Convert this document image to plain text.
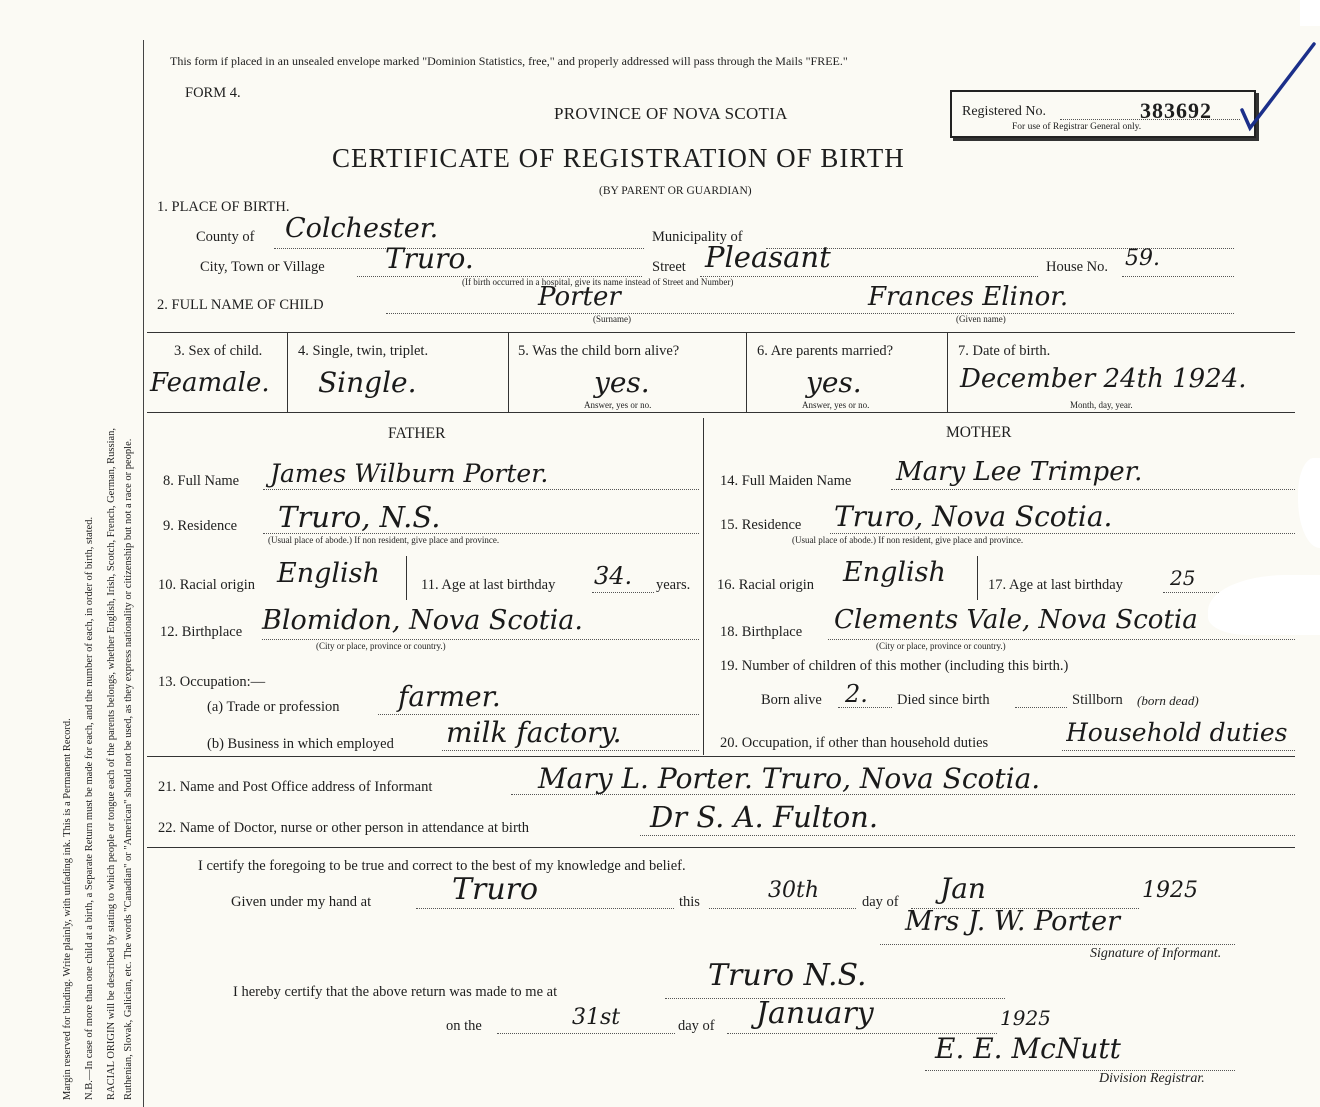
Margin reserved for binding. Write plainly, with unfading ink. This is a Permanent Record. N.B.—In case of more than one child at a birth, a Separate Return must be made for each, and the number of each, in order of birth, stated. RACIAL ORIGIN will be described by stating to which people or tongue each of the parents belongs, whether English, Irish, Scotch, French, German, Russian, Ruthenian, Slovak, Galician, etc. The words "Canadian" or "American" should not be used, as they express nationality or citizenship but not a race or people.
This form if placed in an unsealed envelope marked "Dominion Statistics, free," and properly addressed will pass through the Mails "FREE."
FORM 4.
PROVINCE OF NOVA SCOTIA	Registered No.	383692
For use of Registrar General only.
CERTIFICATE OF REGISTRATION OF BIRTH
(BY PARENT OR GUARDIAN)
1. PLACE OF BIRTH.
County of Colchester.	Municipality of
City, Town or Village Truro.	Street Pleasant	House No. 59.
(If birth occurred in a hospital, give its name instead of Street and Number)
2. FULL NAME OF CHILD	Porter	Frances Elinor.
(Surname)	(Given name)
3. Sex of child.
Feamale.
4. Single, twin, triplet.
Single.
5. Was the child born alive?
yes.
Answer, yes or no.
6. Are parents married?
yes.
Answer, yes or no.
7. Date of birth.
December 24th 1924.
Month, day, year.
FATHER
8. Full Name James Wilburn Porter.
9. Residence Truro, N.S.
(Usual place of abode.) If non resident, give place and province.
10. Racial origin English	11. Age at last birthday 34. years.
12. Birthplace Blomidon, Nova Scotia.
(City or place, province or country.)
13. Occupation:—
(a) Trade or profession farmer.
(b) Business in which employed milk factory.
MOTHER
14. Full Maiden Name Mary Lee Trimper.
15. Residence Truro, Nova Scotia.
(Usual place of abode.) If non resident, give place and province.
16. Racial origin English	17. Age at last birthday 25
18. Birthplace Clements Vale, Nova Scotia
(City or place, province or country.)
19. Number of children of this mother (including this birth.)
Born alive 2. Died since birth	Stillborn (born dead)
20. Occupation, if other than household duties	Household duties
21. Name and Post Office address of Informant	Mary L. Porter. Truro, Nova Scotia.
22. Name of Doctor, nurse or other person in attendance at birth	Dr S. A. Fulton.
I certify the foregoing to be true and correct to the best of my knowledge and belief.
Given under my hand at	Truro	this	30th	day of Jan	1925
Mrs J. W. Porter
Signature of Informant.
I hereby certify that the above return was made to me at	Truro N.S.
on the	31st	day of January	1925
E. E. McNutt
Division Registrar.
